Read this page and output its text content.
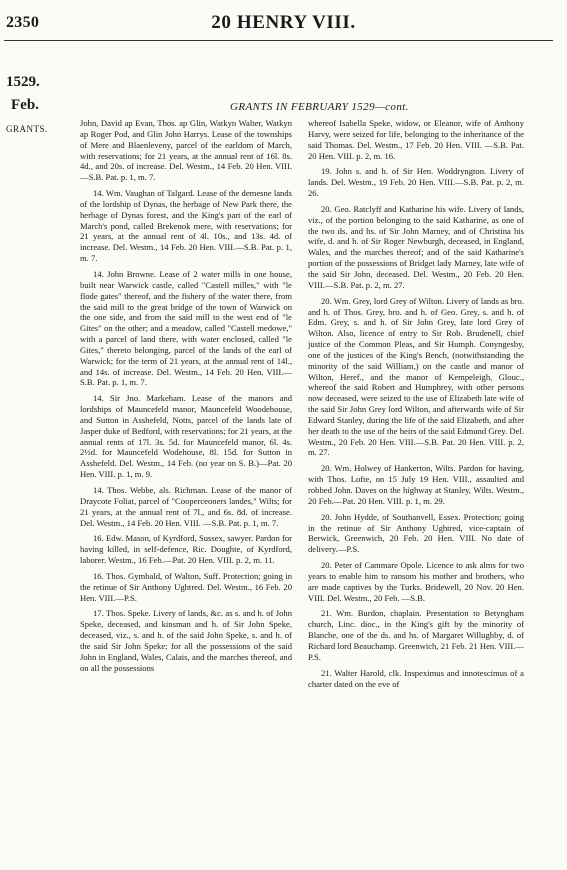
2350	20 HENRY VIII.
1529.
Feb.
GRANTS.
GRANTS IN FEBRUARY 1529—cont.

John, David ap Evan, Thos. ap Glin, Watkyn Walter, Watkyn ap Roger Pod, and Glin John Harrys. Lease of the townships of Mere and Blaenleveny, parcel of the earldom of March, with reservations; for 21 years, at the annual rent of 16l. 8s. 4d., and 20s. of increase. Del. Westm., 14 Feb. 20 Hen. VIII. —S.B. Pat. p. 1, m. 7.

14. Wm. Vaughan of Talgard. Lease of the demesne lands of the lordship of Dynas, the herbage of New Park there, the herbage of Dynas forest, and the King's part of the earl of March's pond, called Brekenok mere, with reservations; for 21 years, at the annual rent of 4l. 10s., and 13s. 4d. of increase. Del. Westm., 14 Feb. 20 Hen. VIII.—S.B. Pat. p. 1, m. 7.

14. John Browne. Lease of 2 water mills in one house, built near Warwick castle, called "Castell milles," with "le flode gates" thereof, and the fishery of the water there, from the said mill to the great bridge of the town of Warwick on the one side, and from the said mill to the west end of "le Gites" on the other; and a meadow, called "Castell medowe," with a parcel of land there, with water enclosed, called "le Gites," thereto belonging, parcel of the lands of the earl of Warwick; for the term of 21 years, at the annual rent of 14l., and 14s. of increase. Del. Westm., 14 Feb. 20 Hen. VIII.—S.B. Pat. p. 1, m. 7.

14. Sir Jno. Markeham. Lease of the manors and lordships of Mauncefeld manor, Mauncefeld Woodehouse, and Sutton in Asshefeld, Notts, parcel of the lands late of Jasper duke of Bedford, with reservations; for 21 years, at the annual rents of 17l. 3s. 5d. for Mauncefeld manor, 6l. 4s. 2½d. for Mauncefeld Wodehouse, 8l. 15d. for Sutton in Asshefeld. Del. Westm., 14 Feb. (no year on S. B.)—Pat. 20 Hen. VIII. p. 1, m. 9.

14. Thos. Webbe, als. Richman. Lease of the manor of Draycote Foliat, parcel of "Cooperceoners landes," Wilts; for 21 years, at the annual rent of 7l., and 6s. 8d. of increase. Del. Westm., 14 Feb. 20 Hen. VIII. —S.B. Pat. p. 1, m. 7.

16. Edw. Mason, of Kyrdford, Sussex, sawyer. Pardon for having killed, in self-defence, Ric. Doughte, of Kyrdford, laborer. Westm., 16 Feb.—Pat. 20 Hen. VIII. p. 2, m. 11.

16. Thos. Gymbald, of Walton, Suff. Protection; going in the retinue of Sir Anthony Ughtred. Del. Westm., 16 Feb. 20 Hen. VIII.—P.S.

17. Thos. Speke. Livery of lands, &c. as s. and h. of John Speke, deceased, and kinsman and h. of Sir John Speke, deceased, viz., s. and h. of the said John Speke, s. and h. of the said Sir John Speke; for all the possessions of the said John in England, Wales, Calais, and the marches thereof, and on all the possessions

whereof Isabella Speke, widow, or Eleanor, wife of Anthony Harvy, were seized for life, belonging to the inheritance of the said Thomas. Del. Westm., 17 Feb. 20 Hen. VIII. —S.B. Pat. 20 Hen. VIII. p. 2, m. 16.

19. John s. and h. of Sir Hen. Woddryngton. Livery of lands. Del. Westm., 19 Feb. 20 Hen. VIII.—S.B. Pat. p. 2, m. 26.

20. Geo. Ratclyff and Katharine his wife. Livery of lands, viz., of the portion belonging to the said Katharine, as one of the two ds. and hs. of Sir John Marney, and of Christina his wife, d. and h. of Sir Roger Newburgh, deceased, in England, Wales, and the marches thereof; and of the said Katharine's portion of the possessions of Bridget lady Marney, late wife of the said Sir John, deceased. Del. Westm., 20 Feb. 20 Hen. VIII.—S.B. Pat. p. 2, m. 27.

20. Wm. Grey, lord Grey of Wilton. Livery of lands as bro. and h. of Thos. Grey, bro. and h. of Geo. Grey, s. and h. of Edm. Grey, s. and h. of Sir John Grey, late lord Grey of Wilton. Also, licence of entry to Sir Rob. Brudenell, chief justice of the Common Pleas, and Sir Humph. Conyngesby, one of the justices of the King's Bench, (notwithstanding the minority of the said William,) on the castle and manor of Wilton, Heref., and the manor of Kempeleigh, Glouc., whereof the said Robert and Humphrey, with other persons now deceased, were seized to the use of Elizabeth late wife of the said Sir John Grey lord Wilton, and afterwards wife of Sir Edward Stanley, during the life of the said Elizabeth, and after her death to the use of the heirs of the said Edmund Grey. Del. Westm., 20 Feb. 20 Hen. VIII.—S.B. Pat. 20 Hen. VIII. p. 2, m. 27.

20. Wm. Holwey of Hankerton, Wilts. Pardon for having, with Thos. Lofte, on 15 July 19 Hen. VIII., assaulted and robbed John. Daves on the highway at Stanley, Wilts. Westm., 20 Feb.—Pat. 20 Hen. VIII. p. 1, m. 29.

20. John Hydde, of Southanvell, Essex. Protection; going in the retinue of Sir Anthony Ughtred, vice-captain of Berwick, Greenwich, 20 Feb. 20 Hen. VIII. No date of delivery.—P.S.

20. Peter of Cammare Opole. Licence to ask alms for two years to enable him to ransom his mother and brothers, who are made captives by the Turks. Bridewell, 20 Nov. 20 Hen. VIII. Del. Westm., 20 Feb. —S.B.

21. Wm. Burdon, chaplain. Presentation to Betyngham church, Linc. dioc., in the King's gift by the minority of Blanche, one of the ds. and hs. of Margaret Willughby, d. of Richard lord Beauchamp. Greenwich, 21 Feb. 21 Hen. VIII.—P.S.

21. Walter Harold, clk. Inspeximus and innotescimus of a charter dated on the eve of
